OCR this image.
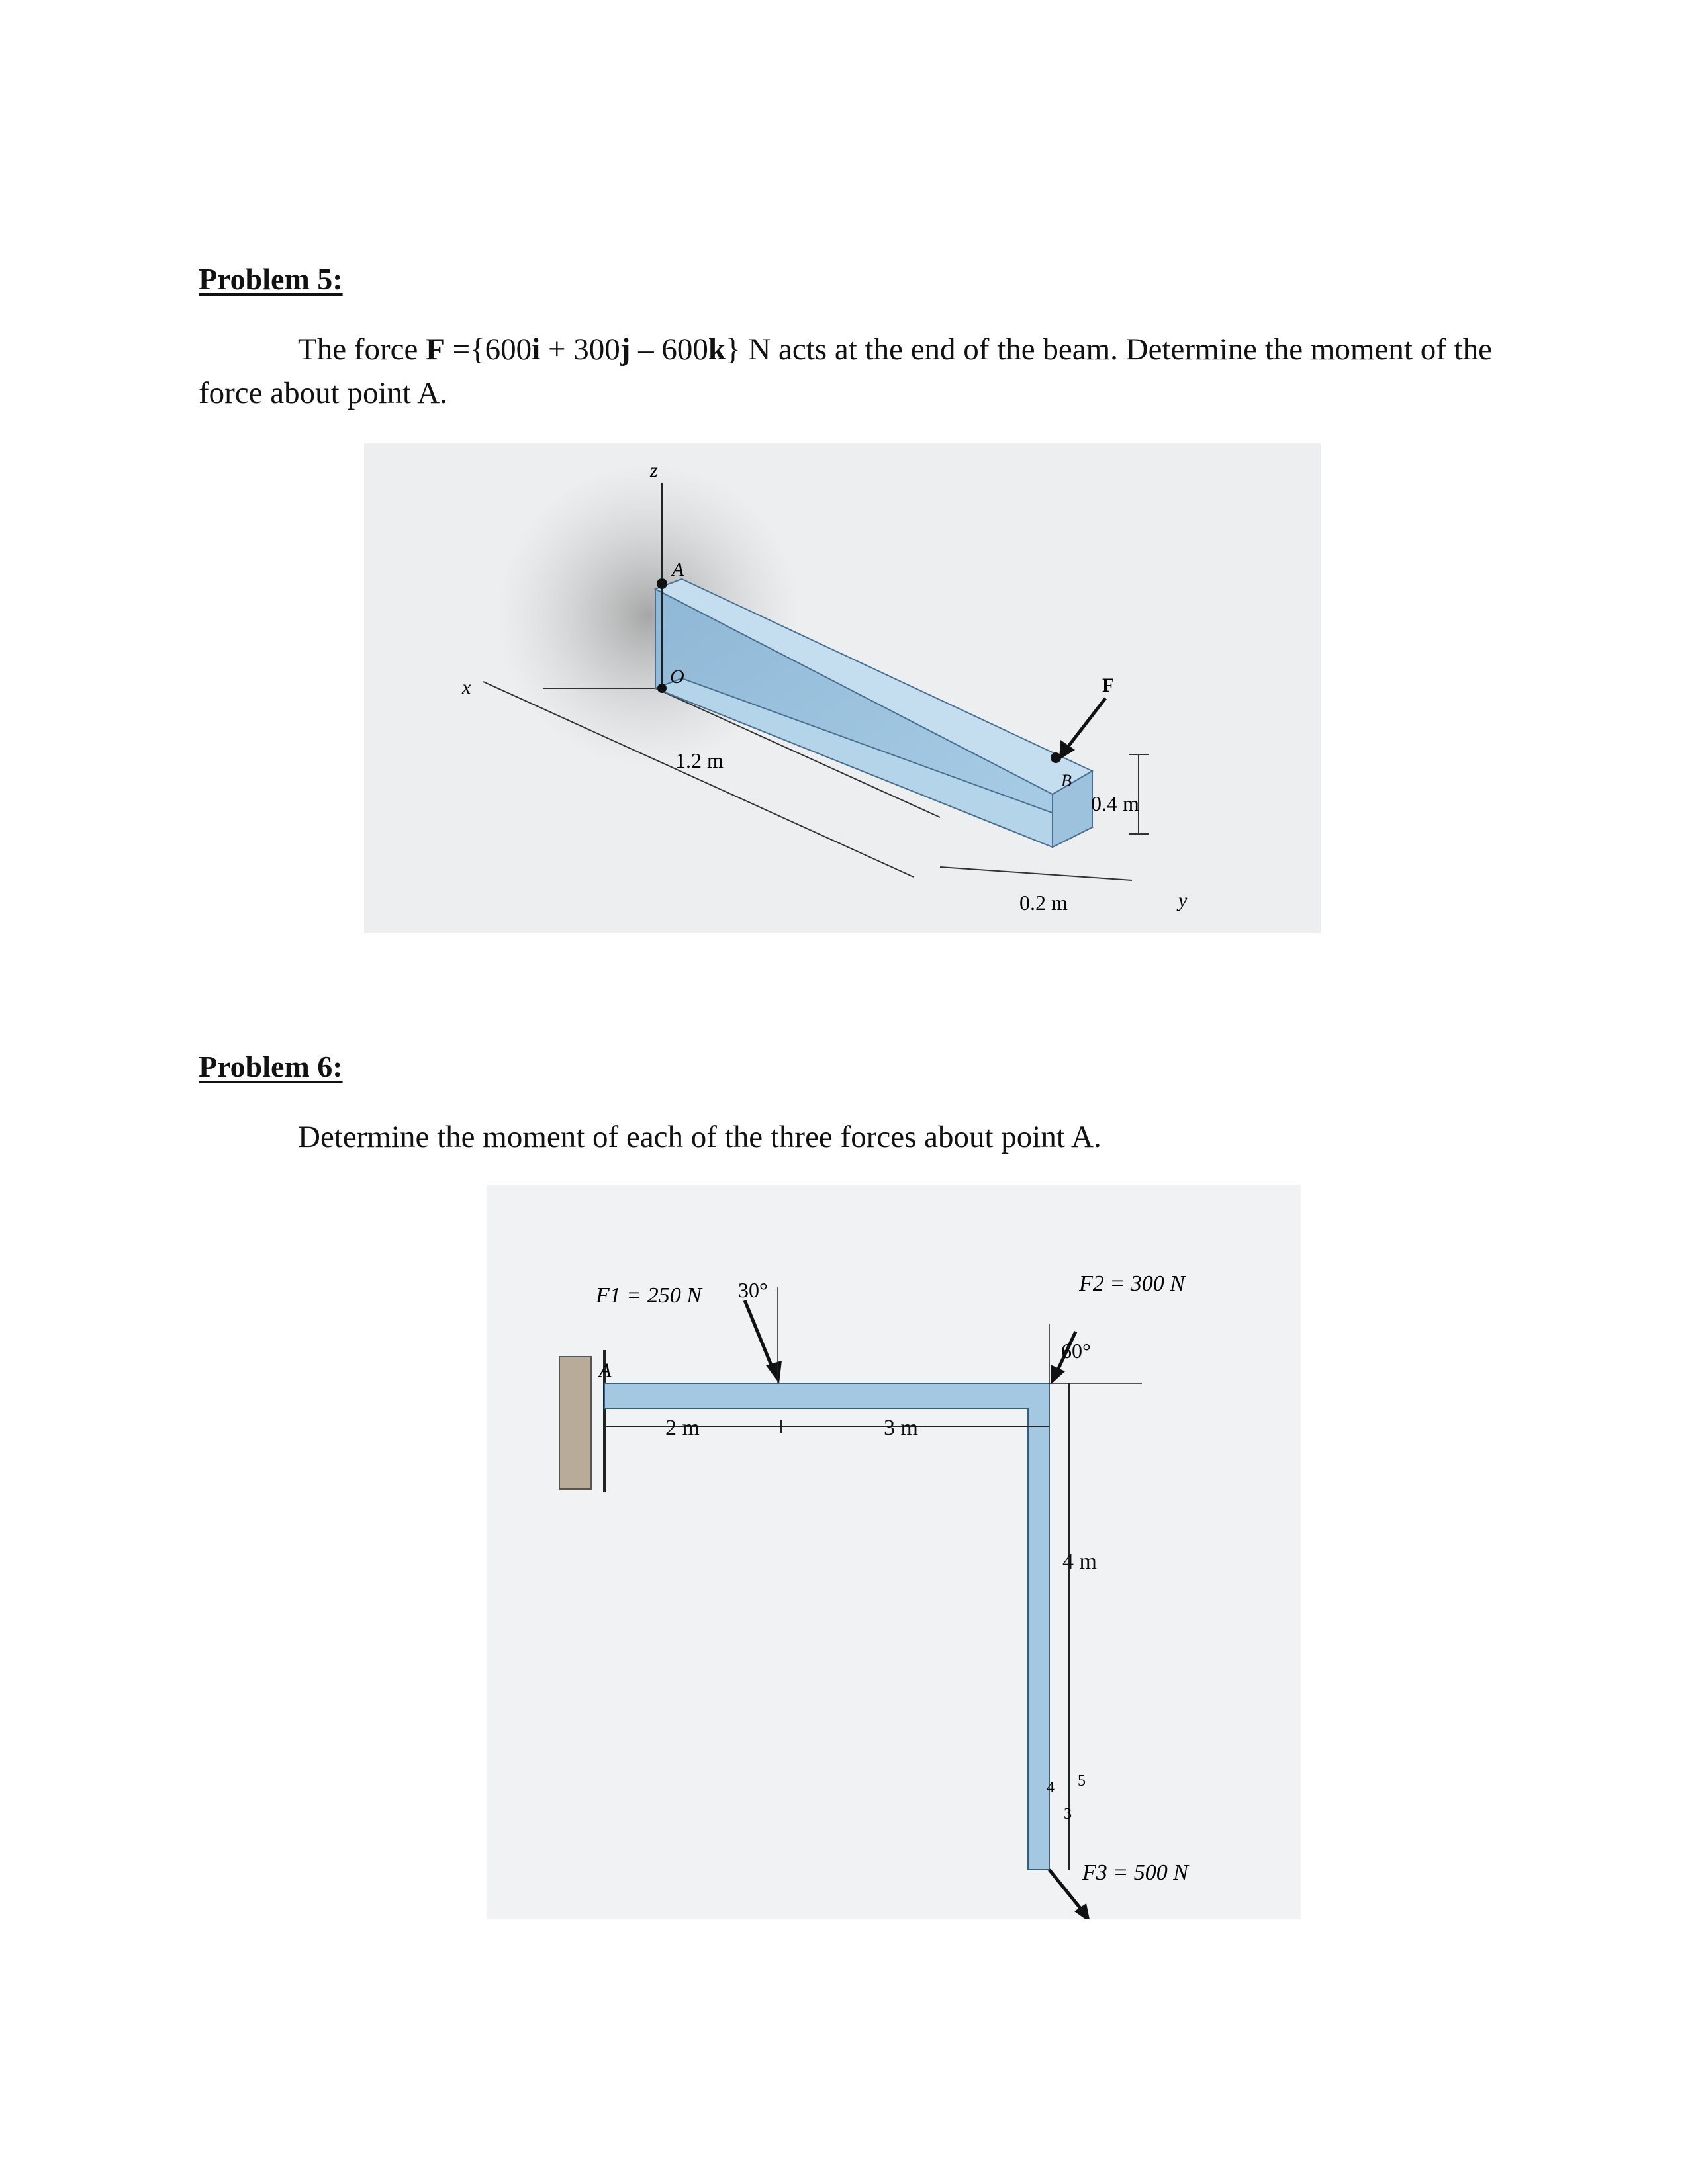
Problem 5:
The force F ={600i + 300j – 600k} N acts at the end of the beam. Determine the moment of the force about point A.
z
A
O
x	F
B
y
1.2 m
0.4 m
0.2 m
Problem 6:
Determine the moment of each of the three forces about point A.
F1 = 250 N 30°	F2 = 300 N
60°
F3 = 500 N
A
2 m	3 m
4 m
3
4 5
